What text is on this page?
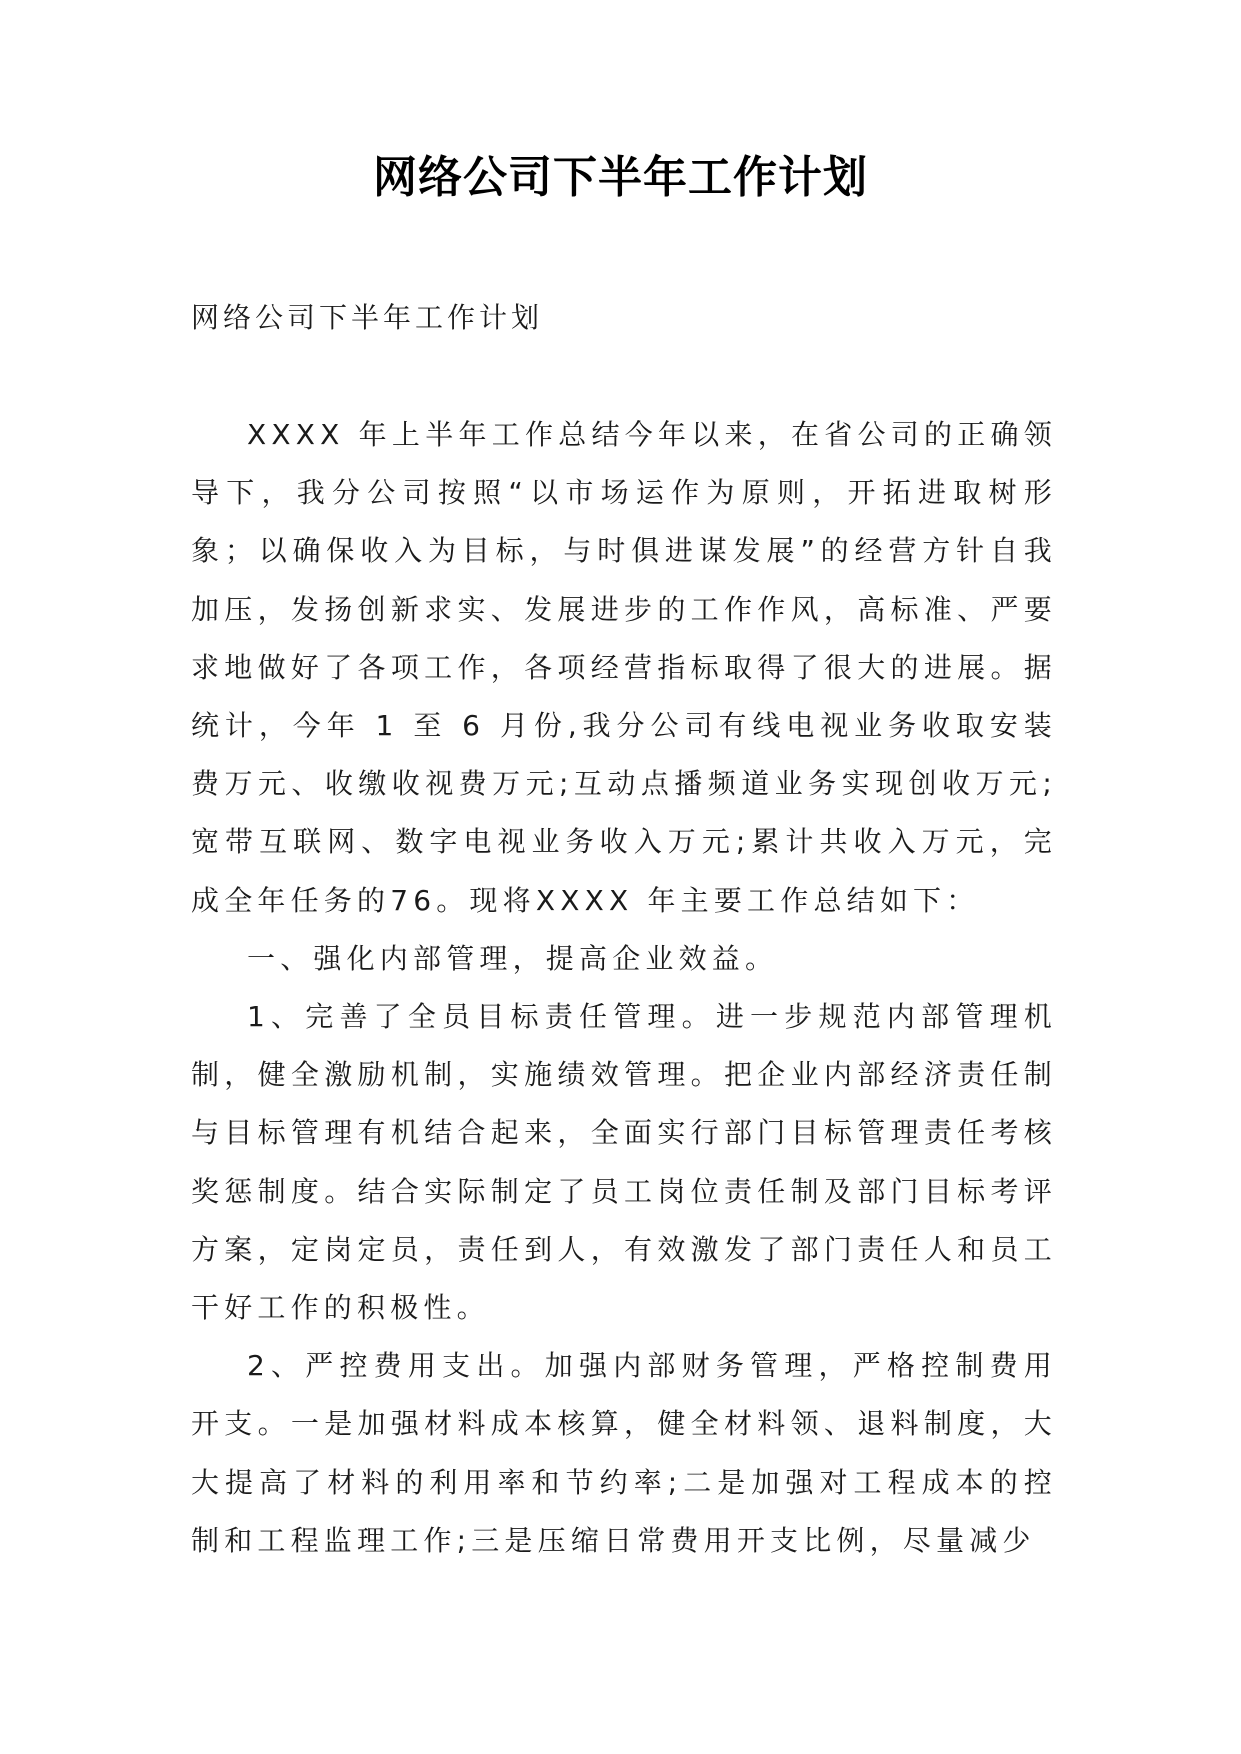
网络公司下半年工作计划
网络公司下半年工作计划

XXXX 年上半年工作总结今年以来，在省公司的正确领导下，我分公司按照“以市场运作为原则，开拓进取树形象；以确保收入为目标，与时俱进谋发展”的经营方针自我加压，发扬创新求实、发展进步的工作作风，高标准、严要求地做好了各项工作，各项经营指标取得了很大的进展。据统计，今年 1 至 6 月份,我分公司有线电视业务收取安装费万元、收缴收视费万元;互动点播频道业务实现创收万元;宽带互联网、数字电视业务收入万元;累计共收入万元，完成全年任务的76。现将XXXX 年主要工作总结如下：

一、强化内部管理，提高企业效益。

1、完善了全员目标责任管理。进一步规范内部管理机制，健全激励机制，实施绩效管理。把企业内部经济责任制与目标管理有机结合起来，全面实行部门目标管理责任考核奖惩制度。结合实际制定了员工岗位责任制及部门目标考评方案，定岗定员，责任到人，有效激发了部门责任人和员工干好工作的积极性。

2、严控费用支出。加强内部财务管理，严格控制费用开支。一是加强材料成本核算，健全材料领、退料制度，大大提高了材料的利用率和节约率;二是加强对工程成本的控制和工程监理工作;三是压缩日常费用开支比例，尽量减少
